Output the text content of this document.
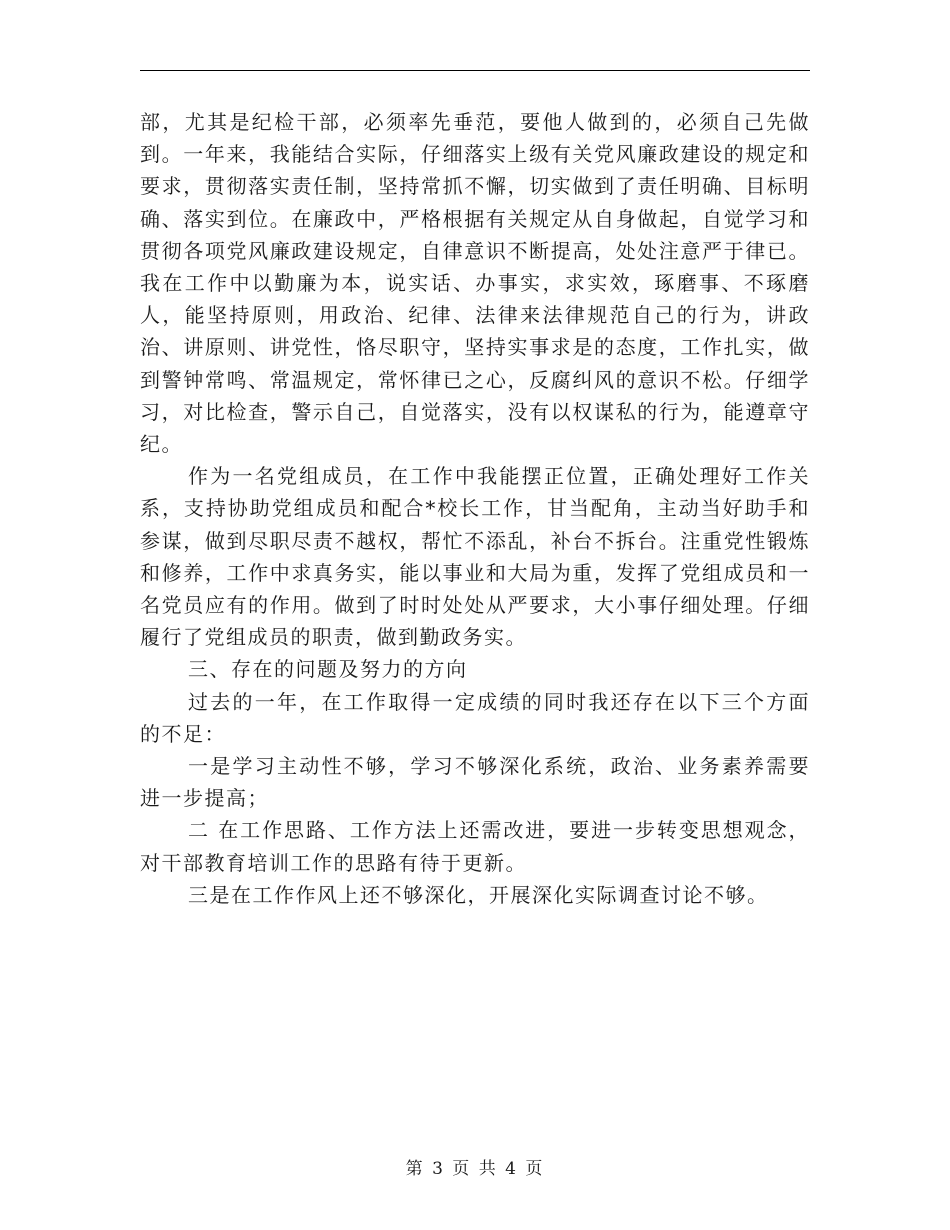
部，尤其是纪检干部，必须率先垂范，要他人做到的，必须自己先做到。一年来，我能结合实际，仔细落实上级有关党风廉政建设的规定和要求，贯彻落实责任制，坚持常抓不懈，切实做到了责任明确、目标明确、落实到位。在廉政中，严格根据有关规定从自身做起，自觉学习和贯彻各项党风廉政建设规定，自律意识不断提高，处处注意严于律已。我在工作中以勤廉为本，说实话、办事实，求实效，琢磨事、不琢磨人，能坚持原则，用政治、纪律、法律来法律规范自己的行为，讲政治、讲原则、讲党性，恪尽职守，坚持实事求是的态度，工作扎实，做到警钟常鸣、常温规定，常怀律已之心，反腐纠风的意识不松。仔细学习，对比检查，警示自己，自觉落实，没有以权谋私的行为，能遵章守纪。

作为一名党组成员，在工作中我能摆正位置，正确处理好工作关系，支持协助党组成员和配合*校长工作，甘当配角，主动当好助手和参谋，做到尽职尽责不越权，帮忙不添乱，补台不拆台。注重党性锻炼和修养，工作中求真务实，能以事业和大局为重，发挥了党组成员和一名党员应有的作用。做到了时时处处从严要求，大小事仔细处理。仔细履行了党组成员的职责，做到勤政务实。

三、存在的问题及努力的方向

过去的一年，在工作取得一定成绩的同时我还存在以下三个方面的不足：

一是学习主动性不够，学习不够深化系统，政治、业务素养需要进一步提高；

二 在工作思路、工作方法上还需改进，要进一步转变思想观念，对干部教育培训工作的思路有待于更新。

三是在工作作风上还不够深化，开展深化实际调查讨论不够。

第 3 页 共 4 页
